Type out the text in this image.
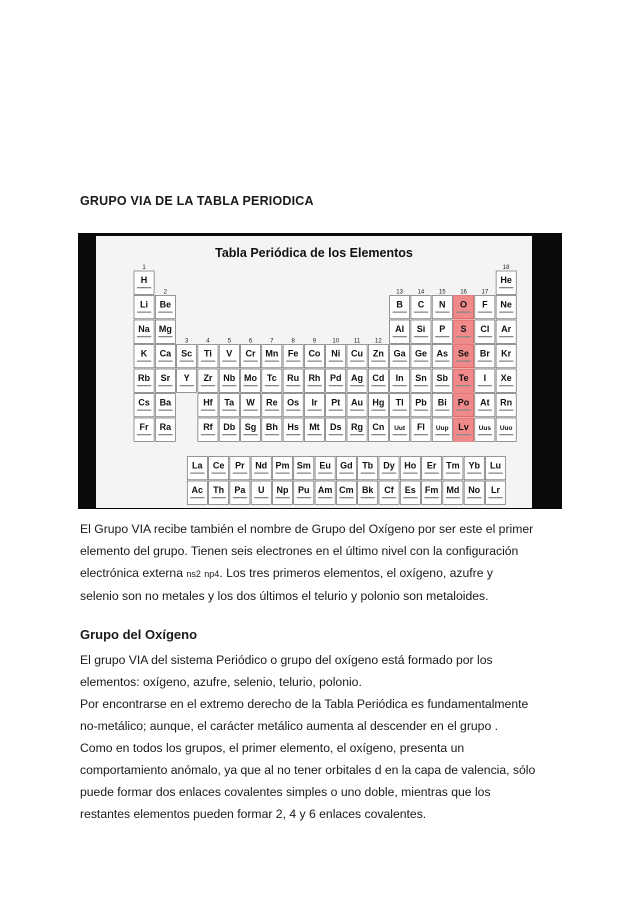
GRUPO VIA DE LA TABLA PERIODICA
Tabla Periódica de los Elementos
1
2
3	4	5	6	7	8	9	10 11 12
13 14 15 16 17
18
H	He
Li Be	B C N O F Ne
Na Mg	Al Si P S Cl Ar
K Ca Sc Ti V Cr Mn Fe Co Ni Cu Zn Ga Ge As Se Br Kr
Rb Sr Y Zr Nb Mo Tc Ru Rh Pd Ag Cd In Sn Sb Te I Xe
Cs Ba	Hf Ta W Re Os Ir Pt Au Hg Tl Pb Bi Po At Rn
Fr Ra	Rf Db Sg Bh Hs Mt Ds Rg Cn Uut Fl Uup Lv Uus Uuo
La Ce Pr Nd Pm Sm Eu Gd Tb Dy Ho Er Tm Yb Lu
Ac Th Pa U Np Pu Am Cm Bk Cf Es Fm Md No Lr

El Grupo VIA recibe también el nombre de Grupo del Oxígeno por ser este el primer
elemento del grupo. Tienen seis electrones en el último nivel con la configuración
electrónica externa ns2 np4. Los tres primeros elementos, el oxígeno, azufre y
selenio son no metales y los dos últimos el telurio y polonio son metaloides.

Grupo del Oxígeno

El grupo VIA del sistema Periódico o grupo del oxígeno está formado por los
elementos: oxígeno, azufre, selenio, telurio, polonio.
Por encontrarse en el extremo derecho de la Tabla Periódica es fundamentalmente
no-metálico; aunque, el carácter metálico aumenta al descender en el grupo .
Como en todos los grupos, el primer elemento, el oxígeno, presenta un
comportamiento anómalo, ya que al no tener orbitales d en la capa de valencia, sólo
puede formar dos enlaces covalentes simples o uno doble, mientras que los
restantes elementos pueden formar 2, 4 y 6 enlaces covalentes.
